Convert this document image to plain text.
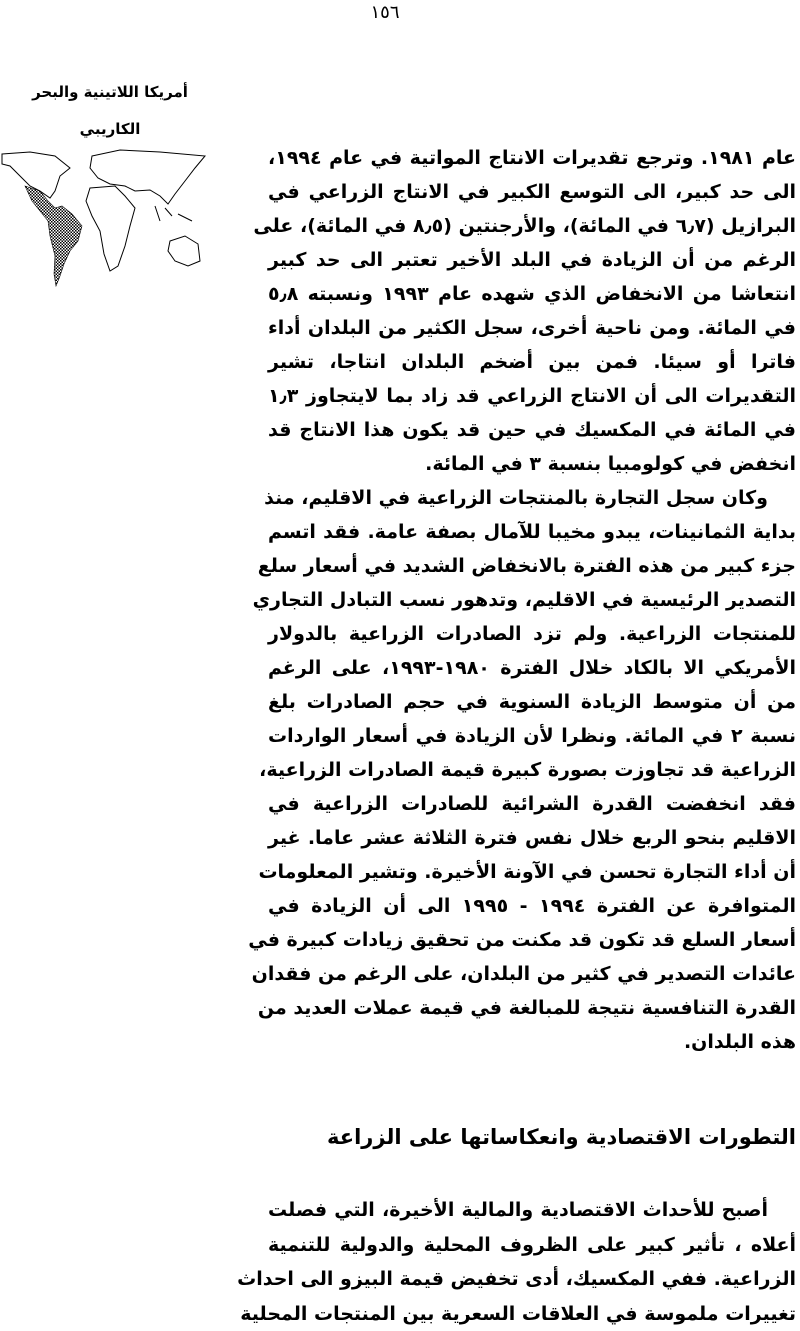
١٥٦
أمريكا اللاتينية والبحر
الكاريبي
عام ١٩٨١. وترجع تقديرات الانتاج المواتية في عام ١٩٩٤،
الى حد كبير، الى التوسع الكبير في الانتاج الزراعي في
البرازيل (٦٫٧ في المائة)، والأرجنتين (٨٫٥ في المائة)، على
الرغم من أن الزيادة في البلد الأخير تعتبر الى حد كبير
انتعاشا من الانخفاض الذي شهده عام ١٩٩٣ ونسبته ٥٫٨
في المائة. ومن ناحية أخرى، سجل الكثير من البلدان أداء
فاترا أو سيئا. فمن بين أضخم البلدان انتاجا، تشير
التقديرات الى أن الانتاج الزراعي قد زاد بما لايتجاوز ١٫٣
في المائة في المكسيك في حين قد يكون هذا الانتاج قد
انخفض في كولومبيا بنسبة ٣ في المائة.
وكان سجل التجارة بالمنتجات الزراعية في الاقليم، منذ
بداية الثمانينات، يبدو مخيبا للآمال بصفة عامة. فقد اتسم
جزء كبير من هذه الفترة بالانخفاض الشديد في أسعار سلع
التصدير الرئيسية في الاقليم، وتدهور نسب التبادل التجاري
للمنتجات الزراعية. ولم تزد الصادرات الزراعية بالدولار
الأمريكي الا بالكاد خلال الفترة ١٩٨٠-١٩٩٣، على الرغم
من أن متوسط الزيادة السنوية في حجم الصادرات بلغ
نسبة ٢ في المائة. ونظرا لأن الزيادة في أسعار الواردات
الزراعية قد تجاوزت بصورة كبيرة قيمة الصادرات الزراعية،
فقد انخفضت القدرة الشرائية للصادرات الزراعية في
الاقليم بنحو الربع خلال نفس فترة الثلاثة عشر عاما. غير
أن أداء التجارة تحسن في الآونة الأخيرة. وتشير المعلومات
المتوافرة عن الفترة ١٩٩٤ - ١٩٩٥ الى أن الزيادة في
أسعار السلع قد تكون قد مكنت من تحقيق زيادات كبيرة في
عائدات التصدير في كثير من البلدان، على الرغم من فقدان
القدرة التنافسية نتيجة للمبالغة في قيمة عملات العديد من
هذه البلدان.
التطورات الاقتصادية وانعكاساتها على الزراعة
أصبح للأحداث الاقتصادية والمالية الأخيرة، التي فصلت
أعلاه ، تأثير كبير على الظروف المحلية والدولية للتنمية
الزراعية. ففي المكسيك، أدى تخفيض قيمة البيزو الى احداث
تغييرات ملموسة في العلاقات السعرية بين المنتجات المحلية
